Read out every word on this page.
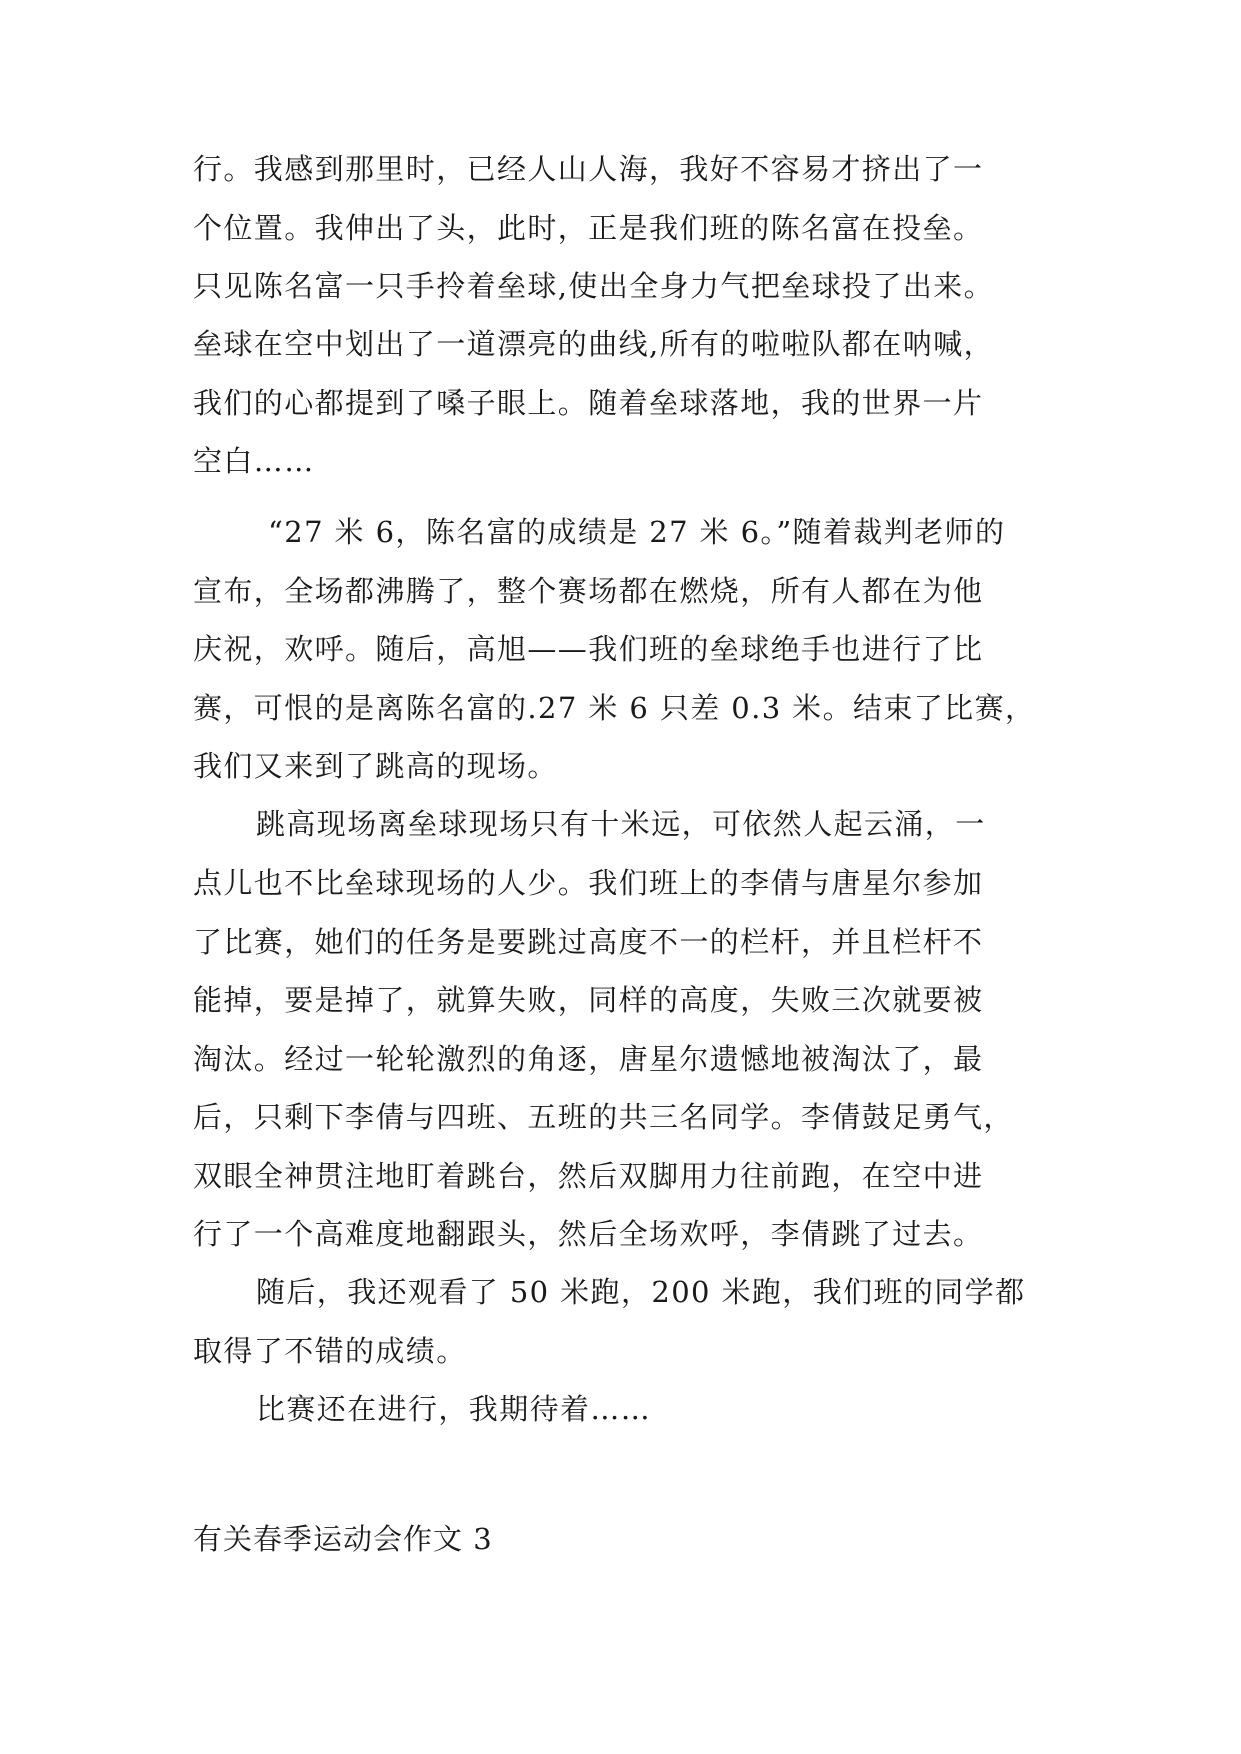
行。我感到那里时，已经人山人海，我好不容易才挤出了一
个位置。我伸出了头，此时，正是我们班的陈名富在投垒。
只见陈名富一只手拎着垒球,使出全身力气把垒球投了出来。
垒球在空中划出了一道漂亮的曲线,所有的啦啦队都在呐喊，
我们的心都提到了嗓子眼上。随着垒球落地，我的世界一片
空白……
“27 米 6，陈名富的成绩是 27 米 6。”随着裁判老师的
宣布，全场都沸腾了，整个赛场都在燃烧，所有人都在为他
庆祝，欢呼。随后，高旭——我们班的垒球绝手也进行了比
赛，可恨的是离陈名富的.27 米 6 只差 0.3 米。结束了比赛，
我们又来到了跳高的现场。
跳高现场离垒球现场只有十米远，可依然人起云涌，一
点儿也不比垒球现场的人少。我们班上的李倩与唐星尔参加
了比赛，她们的任务是要跳过高度不一的栏杆，并且栏杆不
能掉，要是掉了，就算失败，同样的高度，失败三次就要被
淘汰。经过一轮轮激烈的角逐，唐星尔遗憾地被淘汰了，最
后，只剩下李倩与四班、五班的共三名同学。李倩鼓足勇气，
双眼全神贯注地盯着跳台，然后双脚用力往前跑，在空中进
行了一个高难度地翻跟头，然后全场欢呼，李倩跳了过去。
随后，我还观看了 50 米跑，200 米跑，我们班的同学都
取得了不错的成绩。
比赛还在进行，我期待着……
有关春季运动会作文 3
